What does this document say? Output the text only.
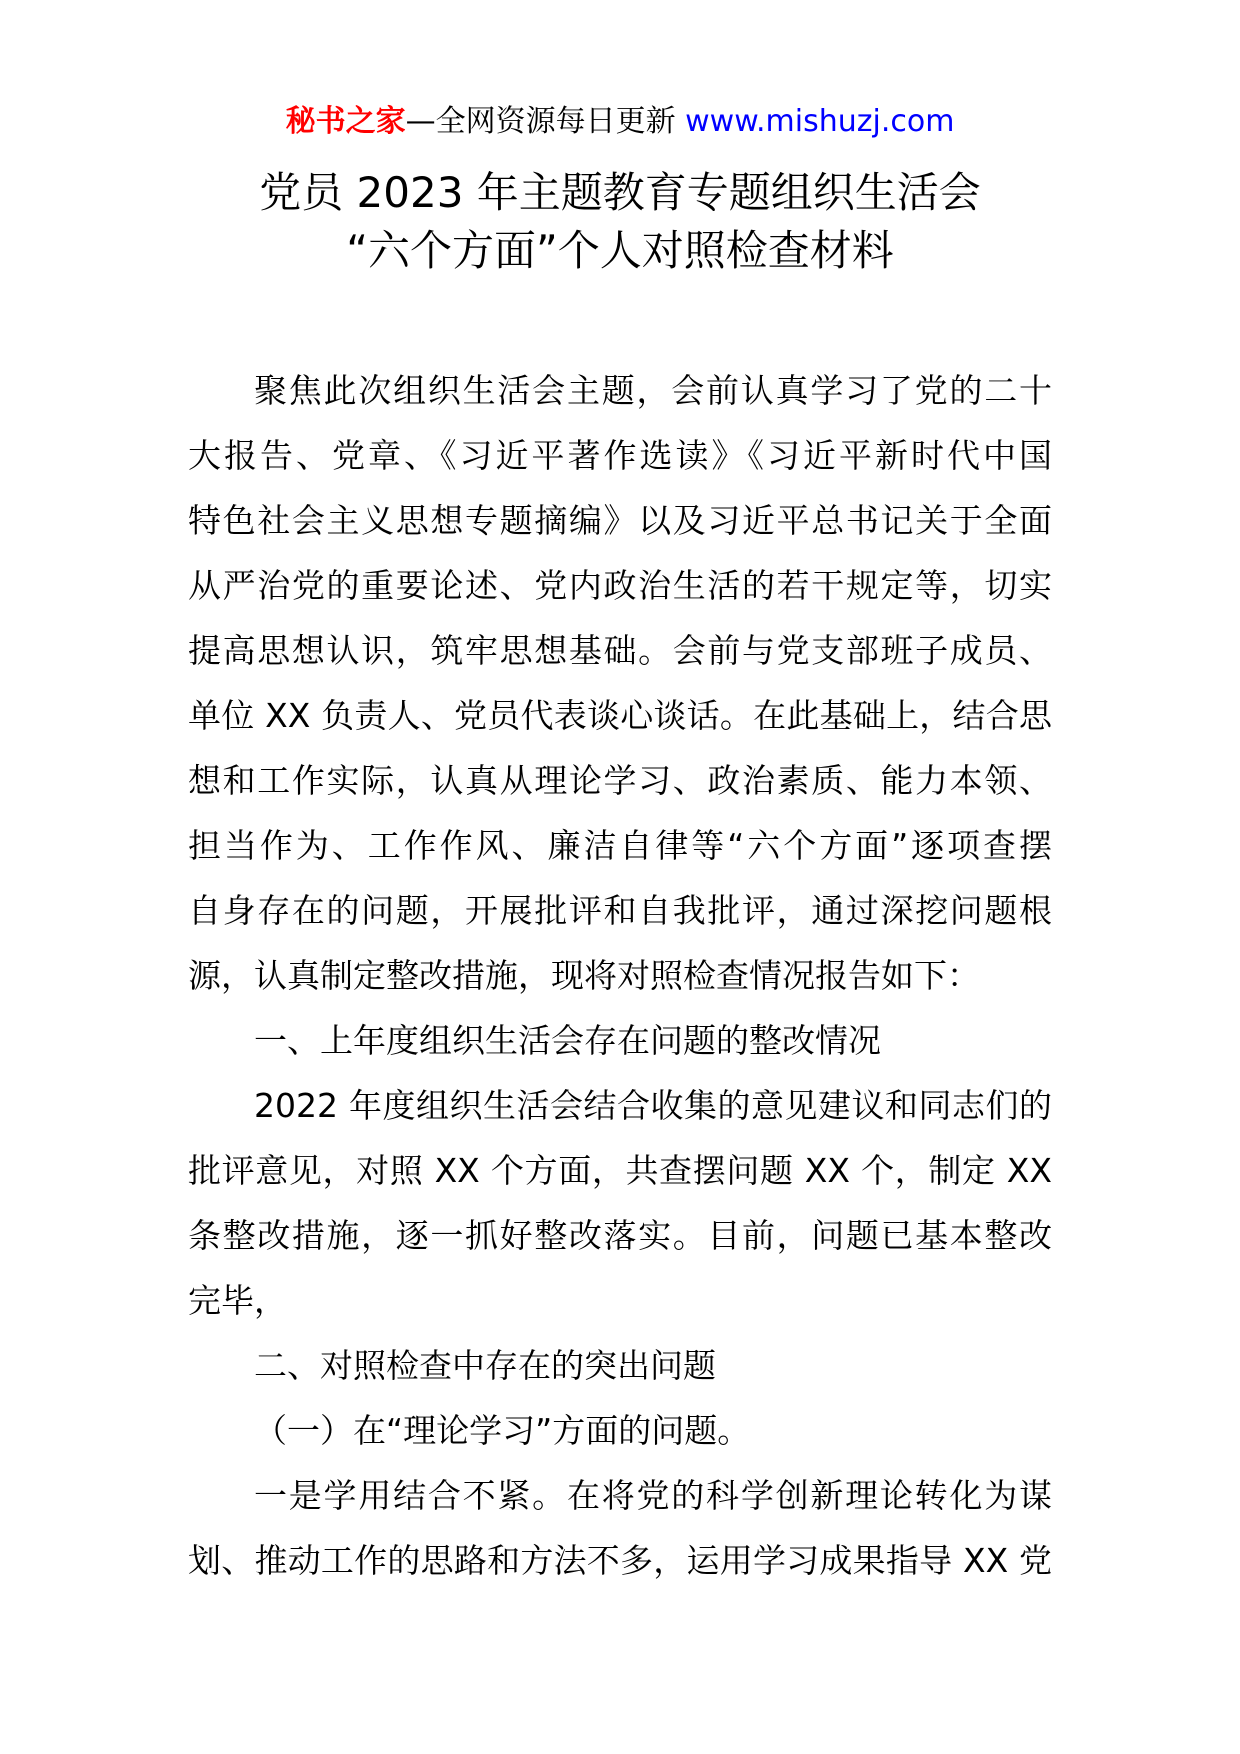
秘书之家—全网资源每日更新 www.mishuzj.com
党员 2023 年主题教育专题组织生活会
“六个方面”个人对照检查材料
聚焦此次组织生活会主题，会前认真学习了党的二十
大报告、党章、《习近平著作选读》《习近平新时代中国
特色社会主义思想专题摘编》以及习近平总书记关于全面
从严治党的重要论述、党内政治生活的若干规定等，切实
提高思想认识，筑牢思想基础。会前与党支部班子成员、
单位 XX 负责人、党员代表谈心谈话。在此基础上，结合思
想和工作实际，认真从理论学习、政治素质、能力本领、
担当作为、工作作风、廉洁自律等“六个方面”逐项查摆
自身存在的问题，开展批评和自我批评，通过深挖问题根
源，认真制定整改措施，现将对照检查情况报告如下：
一、上年度组织生活会存在问题的整改情况
2022 年度组织生活会结合收集的意见建议和同志们的
批评意见，对照 XX 个方面，共查摆问题 XX 个，制定 XX
条整改措施，逐一抓好整改落实。目前，问题已基本整改
完毕，
二、对照检查中存在的突出问题
（一）在“理论学习”方面的问题。
一是学用结合不紧。在将党的科学创新理论转化为谋
划、推动工作的思路和方法不多，运用学习成果指导 XX 党
